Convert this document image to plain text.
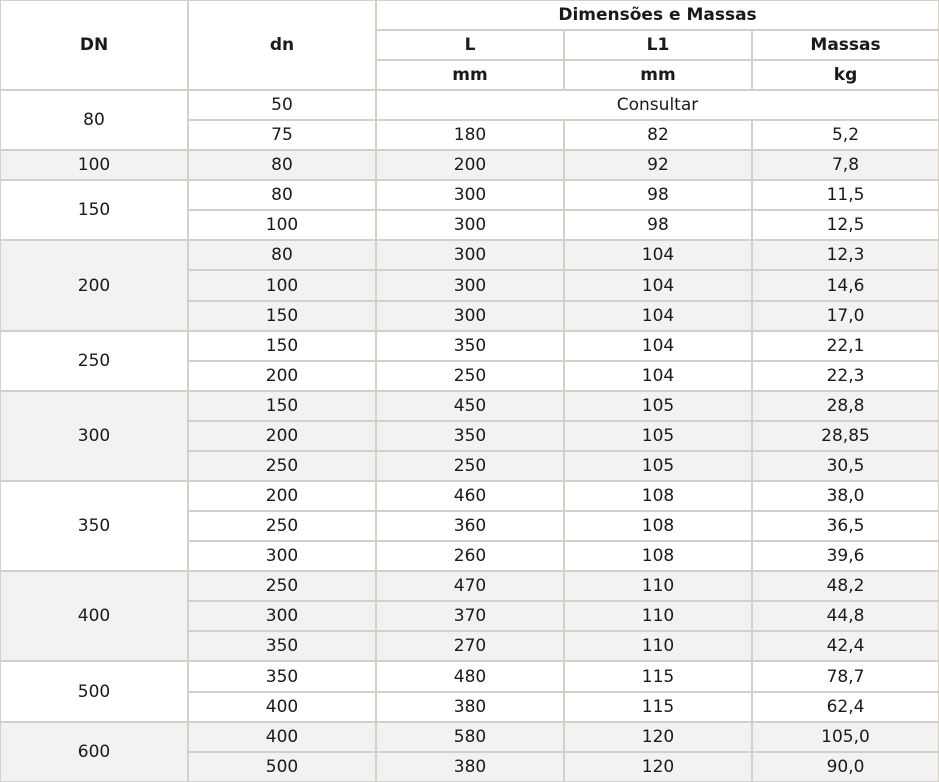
DN	dn	Dimensões e Massas		
		L	L1	Massas
		mm	mm	kg
80	50	Consultar		
	75	180	82	5,2
100	80	200	92	7,8
150	80	300	98	11,5
	100	300	98	12,5
200	80	300	104	12,3
	100	300	104	14,6
	150	300	104	17,0
250	150	350	104	22,1
	200	250	104	22,3
300	150	450	105	28,8
	200	350	105	28,85
	250	250	105	30,5
350	200	460	108	38,0
	250	360	108	36,5
	300	260	108	39,6
400	250	470	110	48,2
	300	370	110	44,8
	350	270	110	42,4
500	350	480	115	78,7
	400	380	115	62,4
600	400	580	120	105,0
	500	380	120	90,0
